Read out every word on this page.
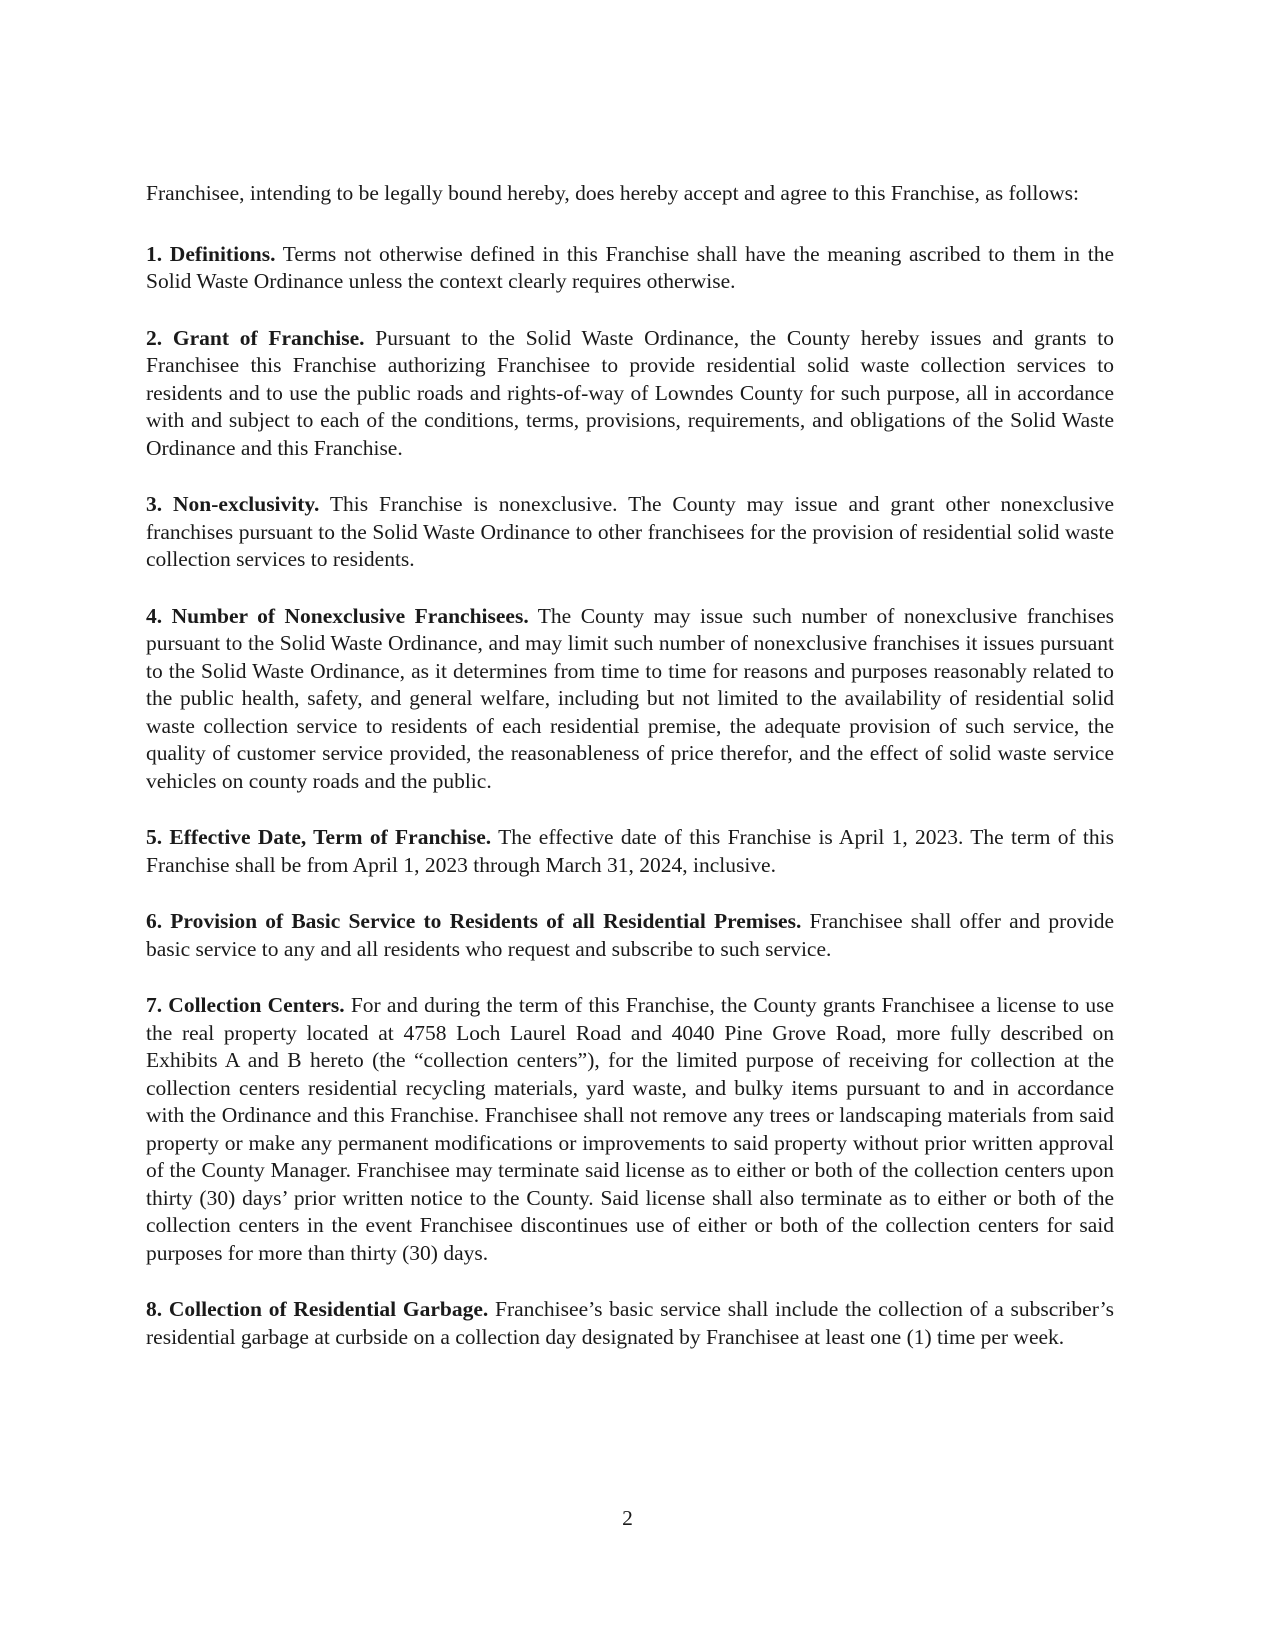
Franchisee, intending to be legally bound hereby, does hereby accept and agree to this Franchise, as follows:

1. Definitions. Terms not otherwise defined in this Franchise shall have the meaning ascribed to them in the Solid Waste Ordinance unless the context clearly requires otherwise.

2. Grant of Franchise. Pursuant to the Solid Waste Ordinance, the County hereby issues and grants to Franchisee this Franchise authorizing Franchisee to provide residential solid waste collection services to residents and to use the public roads and rights-of-way of Lowndes County for such purpose, all in accordance with and subject to each of the conditions, terms, provisions, requirements, and obligations of the Solid Waste Ordinance and this Franchise.

3. Non-exclusivity. This Franchise is nonexclusive. The County may issue and grant other nonexclusive franchises pursuant to the Solid Waste Ordinance to other franchisees for the provision of residential solid waste collection services to residents.

4. Number of Nonexclusive Franchisees. The County may issue such number of nonexclusive franchises pursuant to the Solid Waste Ordinance, and may limit such number of nonexclusive franchises it issues pursuant to the Solid Waste Ordinance, as it determines from time to time for reasons and purposes reasonably related to the public health, safety, and general welfare, including but not limited to the availability of residential solid waste collection service to residents of each residential premise, the adequate provision of such service, the quality of customer service provided, the reasonableness of price therefor, and the effect of solid waste service vehicles on county roads and the public.

5. Effective Date, Term of Franchise. The effective date of this Franchise is April 1, 2023. The term of this Franchise shall be from April 1, 2023 through March 31, 2024, inclusive.

6. Provision of Basic Service to Residents of all Residential Premises. Franchisee shall offer and provide basic service to any and all residents who request and subscribe to such service.

7. Collection Centers. For and during the term of this Franchise, the County grants Franchisee a license to use the real property located at 4758 Loch Laurel Road and 4040 Pine Grove Road, more fully described on Exhibits A and B hereto (the “collection centers”), for the limited purpose of receiving for collection at the collection centers residential recycling materials, yard waste, and bulky items pursuant to and in accordance with the Ordinance and this Franchise. Franchisee shall not remove any trees or landscaping materials from said property or make any permanent modifications or improvements to said property without prior written approval of the County Manager. Franchisee may terminate said license as to either or both of the collection centers upon thirty (30) days’ prior written notice to the County. Said license shall also terminate as to either or both of the collection centers in the event Franchisee discontinues use of either or both of the collection centers for said purposes for more than thirty (30) days.

8. Collection of Residential Garbage. Franchisee’s basic service shall include the collection of a subscriber’s residential garbage at curbside on a collection day designated by Franchisee at least one (1) time per week.

2
